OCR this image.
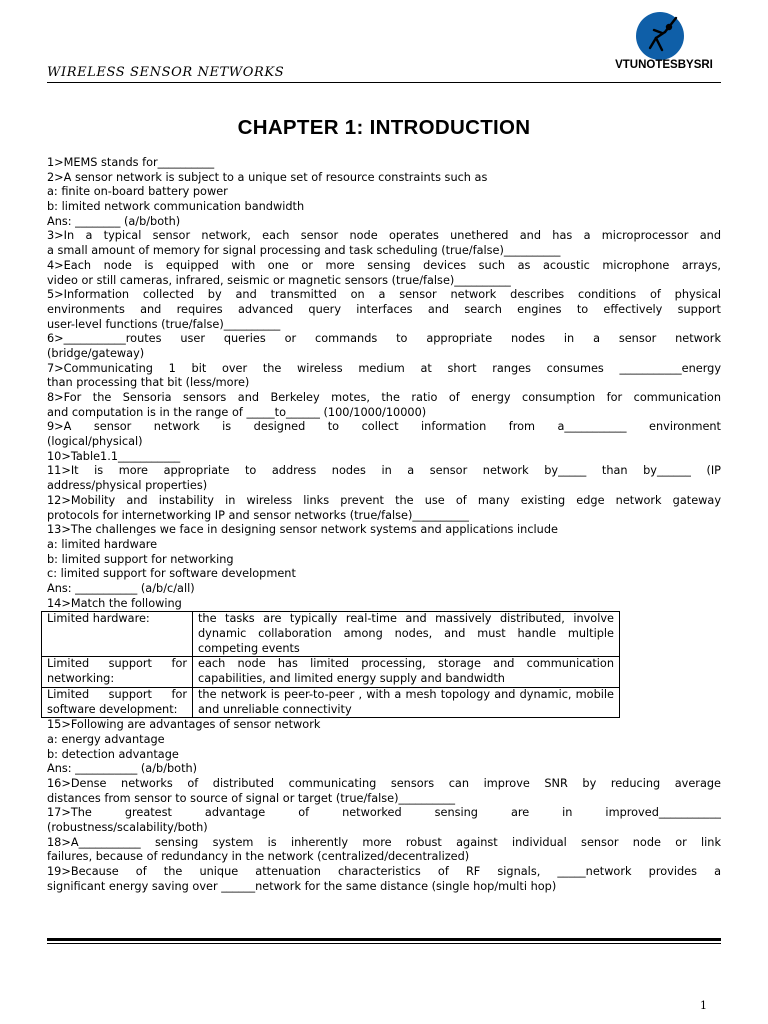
WIRELESS SENSOR NETWORKS	VTUNOTESBYSRI
CHAPTER 1: INTRODUCTION
1>MEMS stands for__________
2>A sensor network is subject to a unique set of resource constraints such as
a: finite on-board battery power
b: limited network communication bandwidth
Ans: ________ (a/b/both)
3>In a typical sensor network, each sensor node operates unethered and has a microprocessor and
a small amount of memory for signal processing and task scheduling (true/false)__________
4>Each node is equipped with one or more sensing devices such as acoustic microphone arrays,
video or still cameras, infrared, seismic or magnetic sensors (true/false)__________
5>Information collected by and transmitted on a sensor network describes conditions of physical
environments and requires advanced query interfaces and search engines to effectively support
user-level functions (true/false)__________
6>___________routes user queries or commands to appropriate nodes in a sensor network
(bridge/gateway)
7>Communicating 1 bit over the wireless medium at short ranges consumes ___________energy
than processing that bit (less/more)
8>For the Sensoria sensors and Berkeley motes, the ratio of energy consumption for communication
and computation is in the range of _____to______ (100/1000/10000)
9>A sensor network is designed to collect information from a___________ environment
(logical/physical)
10>Table1.1___________
11>It is more appropriate to address nodes in a sensor network by_____ than by______ (IP
address/physical properties)
12>Mobility and instability in wireless links prevent the use of many existing edge network gateway
protocols for internetworking IP and sensor networks (true/false)__________
13>The challenges we face in designing sensor network systems and applications include
a: limited hardware
b: limited support for networking
c: limited support for software development
Ans: ___________ (a/b/c/all)
14>Match the following
Limited hardware:	the tasks are typically real-time and massively distributed, involve dynamic collaboration among nodes, and must handle multiple competing events
Limited support for networking:	each node has limited processing, storage and communication capabilities, and limited energy supply and bandwidth
Limited support for software development:	the network is peer-to-peer , with a mesh topology and dynamic, mobile and unreliable connectivity
15>Following are advantages of sensor network
a: energy advantage
b: detection advantage
Ans: ___________ (a/b/both)
16>Dense networks of distributed communicating sensors can improve SNR by reducing average
distances from sensor to source of signal or target (true/false)__________
17>The greatest advantage of networked sensing are in improved___________
(robustness/scalability/both)
18>A___________ sensing system is inherently more robust against individual sensor node or link
failures, because of redundancy in the network (centralized/decentralized)
19>Because of the unique attenuation characteristics of RF signals, _____network provides a
significant energy saving over ______network for the same distance (single hop/multi hop)
1
